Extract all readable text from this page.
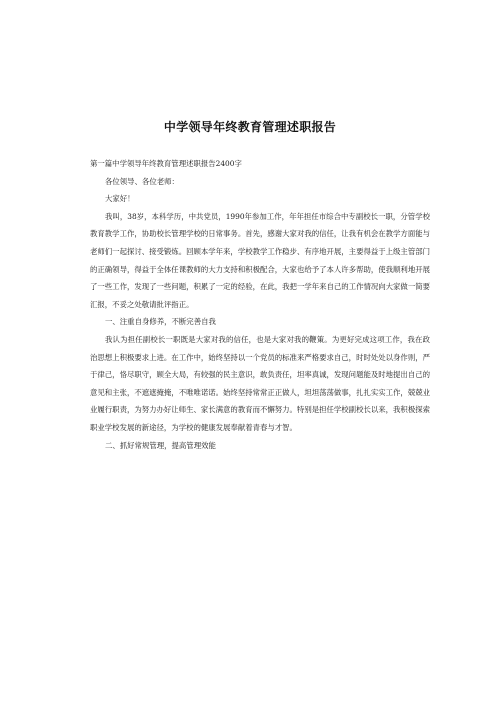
中学领导年终教育管理述职报告

第一篇中学领导年终教育管理述职报告2400字

各位领导、各位老师：

大家好！

我叫，38岁，本科学历，中共党员，1990年参加工作，年年担任市综合中专副校长一职，分管学校教育教学工作，协助校长管理学校的日常事务。首先，感谢大家对我的信任，让我有机会在教学方面能与老师们一起探讨、接受锻炼。回顾本学年来，学校教学工作稳步、有序地开展，主要得益于上级主管部门的正确领导，得益于全体任课教师的大力支持和积极配合，大家也给予了本人许多帮助，使我顺利地开展了一些工作，发现了一些问题，积累了一定的经验，在此，我把一学年来自己的工作情况向大家做一简要汇报，不妥之处敬请批评指正。

一、注重自身修养，不断完善自我

我认为担任副校长一职既是大家对我的信任，也是大家对我的鞭策。为更好完成这项工作，我在政治思想上积极要求上进。在工作中，始终坚持以一个党员的标准来严格要求自己，时时处处以身作则，严于律己，恪尽职守，顾全大局，有较强的民主意识，敢负责任，坦率真诚，发现问题能及时地提出自己的意见和主张，不遮遮掩掩，不唯唯诺诺。始终坚持常常正正做人，坦坦荡荡做事，扎扎实实工作，兢兢业业履行职责，为努力办好让师生、家长满意的教育而不懈努力。特别是担任学校副校长以来，我积极探索职业学校发展的新途径，为学校的健康发展奉献着青春与才智。

二、抓好常规管理，提高管理效能
